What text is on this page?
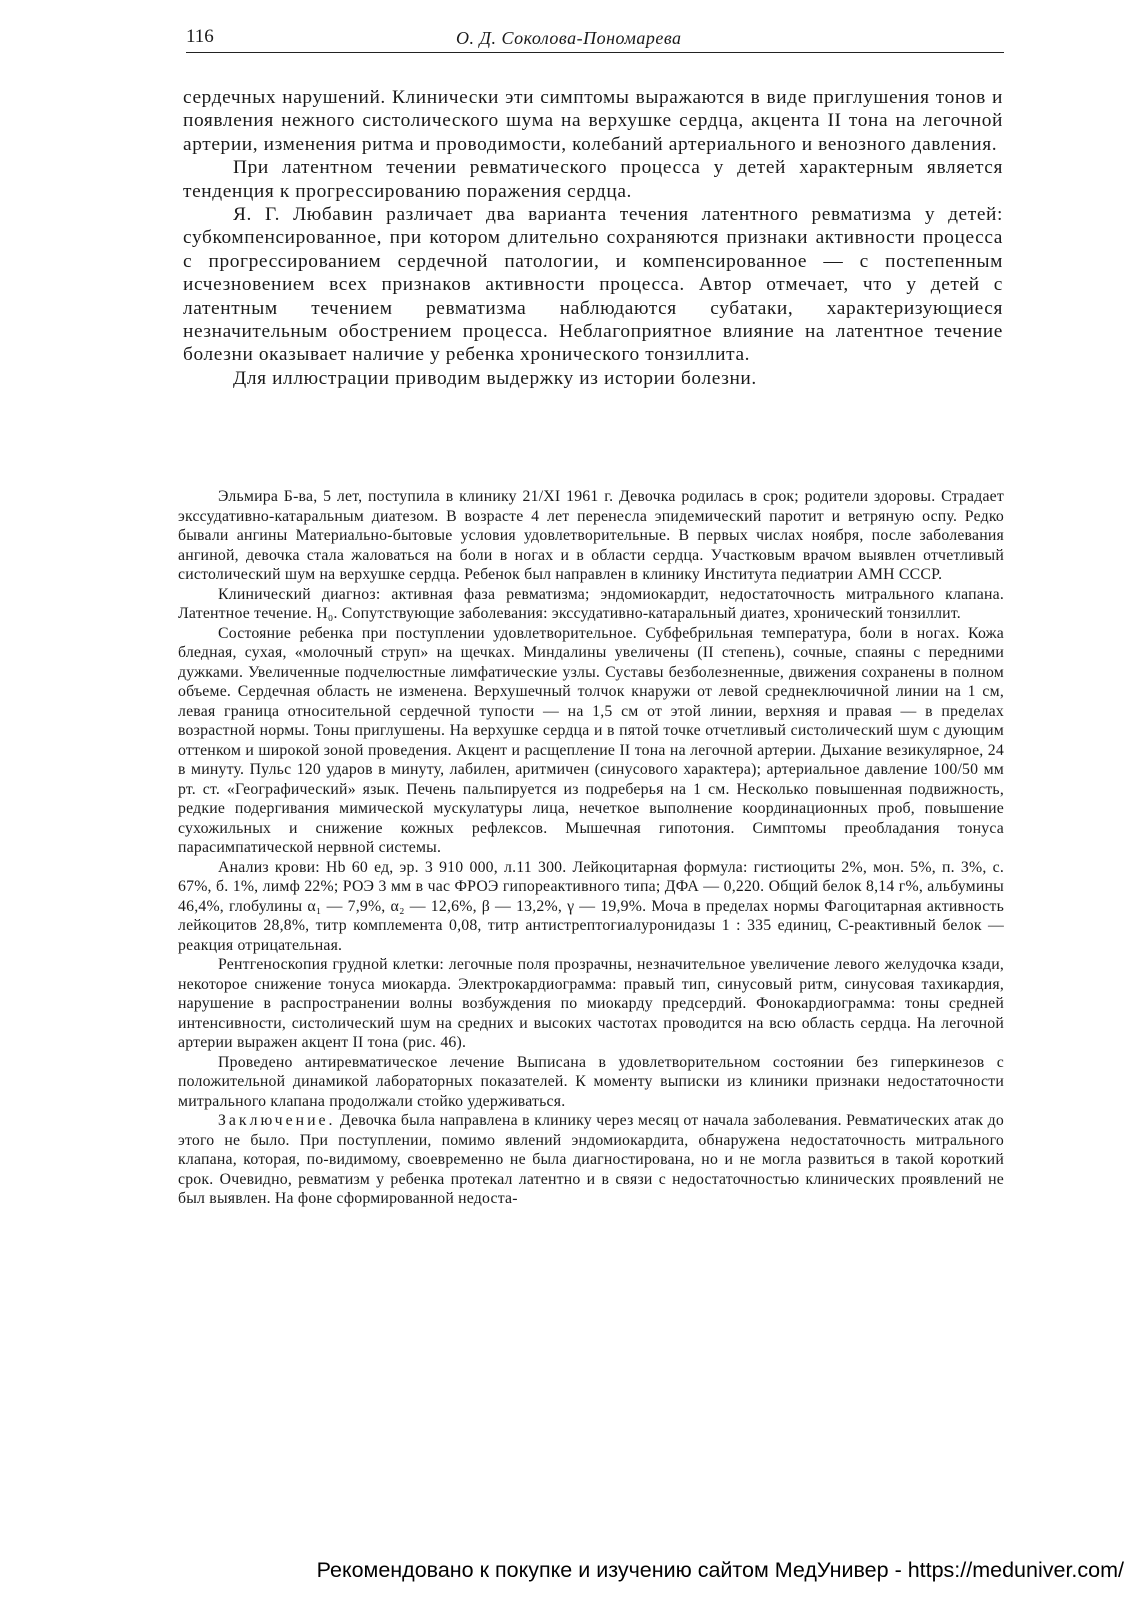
116	О. Д. Соколова-Пономарева

сердечных нарушений. Клинически эти симптомы выражаются в виде приглушения тонов и появления нежного систолического шума на верхушке сердца, акцента II тона на легочной артерии, изменения ритма и проводимости, колебаний артериального и венозного давления.

При латентном течении ревматического процесса у детей характерным является тенденция к прогрессированию поражения сердца.

Я. Г. Любавин различает два варианта течения латентного ревматизма у детей: субкомпенсированное, при котором длительно сохраняются признаки активности процесса с прогрессированием сердечной патологии, и компенсированное — с постепенным исчезновением всех признаков активности процесса. Автор отмечает, что у детей с латентным течением ревматизма наблюдаются субатаки, характеризующиеся незначительным обострением процесса. Неблагоприятное влияние на латентное течение болезни оказывает наличие у ребенка хронического тонзиллита.

Для иллюстрации приводим выдержку из истории болезни.

Эльмира Б-ва, 5 лет, поступила в клинику 21/XI 1961 г. Девочка родилась в срок; родители здоровы. Страдает экссудативно-катаральным диатезом. В возрасте 4 лет перенесла эпидемический паротит и ветряную оспу. Редко бывали ангины Материально-бытовые условия удовлетворительные. В первых числах ноября, после заболевания ангиной, девочка стала жаловаться на боли в ногах и в области сердца. Участковым врачом выявлен отчетливый систолический шум на верхушке сердца. Ребенок был направлен в клинику Института педиатрии АМН СССР.

Клинический диагноз: активная фаза ревматизма; эндомиокардит, недостаточность митрального клапана. Латентное течение. Н₀. Сопутствующие заболевания: экссудативно-катаральный диатез, хронический тонзиллит.

Состояние ребенка при поступлении удовлетворительное. Субфебрильная температура, боли в ногах. Кожа бледная, сухая, «молочный струп» на щечках. Миндалины увеличены (II степень), сочные, спаяны с передними дужками. Увеличенные подчелюстные лимфатические узлы. Суставы безболезненные, движения сохранены в полном объеме. Сердечная область не изменена. Верхушечный толчок кнаружи от левой среднеключичной линии на 1 см, левая граница относительной сердечной тупости — на 1,5 см от этой линии, верхняя и правая — в пределах возрастной нормы. Тоны приглушены. На верхушке сердца и в пятой точке отчетливый систолический шум с дующим оттенком и широкой зоной проведения. Акцент и расщепление II тона на легочной артерии. Дыхание везикулярное, 24 в минуту. Пульс 120 ударов в минуту, лабилен, аритмичен (синусового характера); артериальное давление 100/50 мм рт. ст. «Географический» язык. Печень пальпируется из подреберья на 1 см. Несколько повышенная подвижность, редкие подергивания мимической мускулатуры лица, нечеткое выполнение координационных проб, повышение сухожильных и снижение кожных рефлексов. Мышечная гипотония. Симптомы преобладания тонуса парасимпатической нервной системы.

Анализ крови: Hb 60 ед, эр. 3 910 000, л.11 300. Лейкоцитарная формула: гистиоциты 2%, мон. 5%, п. 3%, с. 67%, б. 1%, лимф 22%; РОЭ 3 мм в час ФРОЭ гипореактивного типа; ДФА — 0,220. Общий белок 8,14 г%, альбумины 46,4%, глобулины α₁ — 7,9%, α₂ — 12,6%, β — 13,2%, γ — 19,9%. Моча в пределах нормы Фагоцитарная активность лейкоцитов 28,8%, титр комплемента 0,08, титр антистрептогиалуронидазы 1 : 335 единиц, С-реактивный белок — реакция отрицательная.

Рентгеноскопия грудной клетки: легочные поля прозрачны, незначительное увеличение левого желудочка кзади, некоторое снижение тонуса миокарда. Электрокардиограмма: правый тип, синусовый ритм, синусовая тахикардия, нарушение в распространении волны возбуждения по миокарду предсердий. Фонокардиограмма: тоны средней интенсивности, систолический шум на средних и высоких частотах проводится на всю область сердца. На легочной артерии выражен акцент II тона (рис. 46).

Проведено антиревматическое лечение Выписана в удовлетворительном состоянии без гиперкинезов с положительной динамикой лабораторных показателей. К моменту выписки из клиники признаки недостаточности митрального клапана продолжали стойко удерживаться.

Заключение. Девочка была направлена в клинику через месяц от начала заболевания. Ревматических атак до этого не было. При поступлении, помимо явлений эндомиокардита, обнаружена недостаточность митрального клапана, которая, по-видимому, своевременно не была диагностирована, но и не могла развиться в такой короткий срок. Очевидно, ревматизм у ребенка протекал латентно и в связи с недостаточностью клинических проявлений не был выявлен. На фоне сформированной недоста-

Рекомендовано к покупке и изучению сайтом МедУнивер - https://meduniver.com/
